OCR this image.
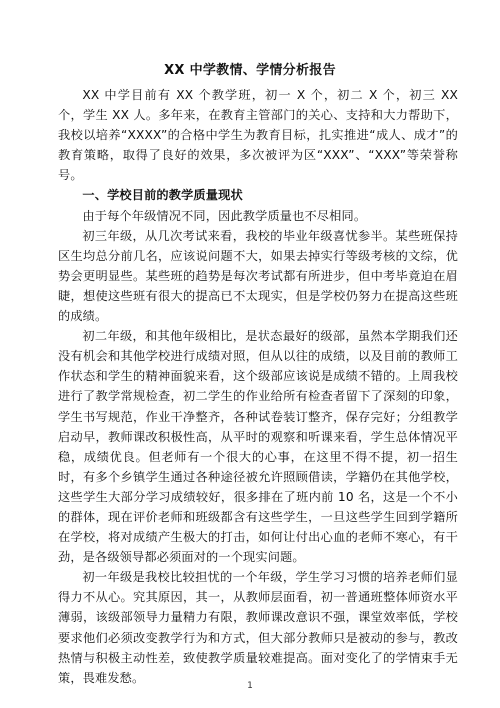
XX 中学教情、学情分析报告

XX 中学目前有 XX 个教学班，初一 X 个，初二 X 个，初三 XX 个，学生 XX 人。多年来，在教育主管部门的关心、支持和大力帮助下，我校以培养“XXXX”的合格中学生为教育目标，扎实推进“成人、成才”的教育策略，取得了良好的效果，多次被评为区“XXX”、“XXX”等荣誉称号。

一、学校目前的教学质量现状

由于每个年级情况不同，因此教学质量也不尽相同。

初三年级，从几次考试来看，我校的毕业年级喜忧参半。某些班保持区生均总分前几名，应该说问题不大，如果去掉实行等级考核的文综，优势会更明显些。某些班的趋势是每次考试都有所进步，但中考毕竟迫在眉睫，想使这些班有很大的提高已不太现实，但是学校仍努力在提高这些班的成绩。

初二年级，和其他年级相比，是状态最好的级部，虽然本学期我们还没有机会和其他学校进行成绩对照，但从以往的成绩，以及目前的教师工作状态和学生的精神面貌来看，这个级部应该说是成绩不错的。上周我校进行了教学常规检查，初二学生的作业给所有检查者留下了深刻的印象，学生书写规范，作业干净整齐，各种试卷装订整齐，保存完好；分组教学启动早，教师课改积极性高，从平时的观察和听课来看，学生总体情况平稳，成绩优良。但老师有一个很大的心事，在这里不得不提，初一招生时，有多个乡镇学生通过各种途径被允许照顾借读，学籍仍在其他学校，这些学生大部分学习成绩较好，很多排在了班内前 10 名，这是一个不小的群体，现在评价老师和班级都含有这些学生，一旦这些学生回到学籍所在学校，将对成绩产生极大的打击，如何让付出心血的老师不寒心，有干劲，是各级领导都必须面对的一个现实问题。

初一年级是我校比较担忧的一个年级，学生学习习惯的培养老师们显得力不从心。究其原因，其一，从教师层面看，初一普通班整体师资水平薄弱，该级部领导力量精力有限，教师课改意识不强，课堂效率低，学校要求他们必须改变教学行为和方式，但大部分教师只是被动的参与，教改热情与积极主动性差，致使教学质量较难提高。面对变化了的学情束手无策，畏难发愁。

1
